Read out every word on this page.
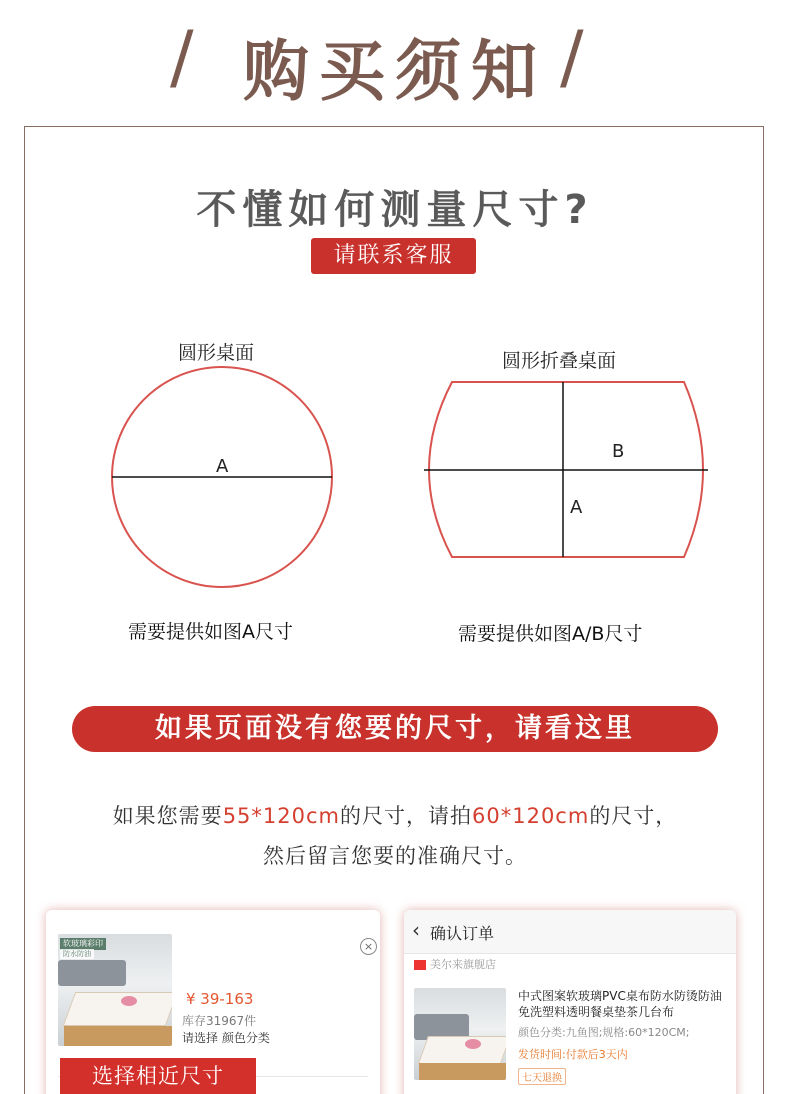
/ 购买须知 /
不懂如何测量尺寸?
请联系客服
圆形桌面	圆形折叠桌面
A
B
A
需要提供如图A尺寸	需要提供如图A/B尺寸
如果页面没有您要的尺寸，请看这里
如果您需要55*120cm的尺寸，请拍60*120cm的尺寸，
然后留言您要的准确尺寸。
软玻璃彩印
防水防油
¥ 39-163
库存31967件
请选择 颜色分类
×
选择相近尺寸
‹ 确认订单
美尔来旗舰店
中式图案软玻璃PVC桌布防水防烫防油免洗塑料透明餐桌垫茶几台布
颜色分类:九鱼图;规格:60*120CM;
发货时间:付款后3天内
七天退换
